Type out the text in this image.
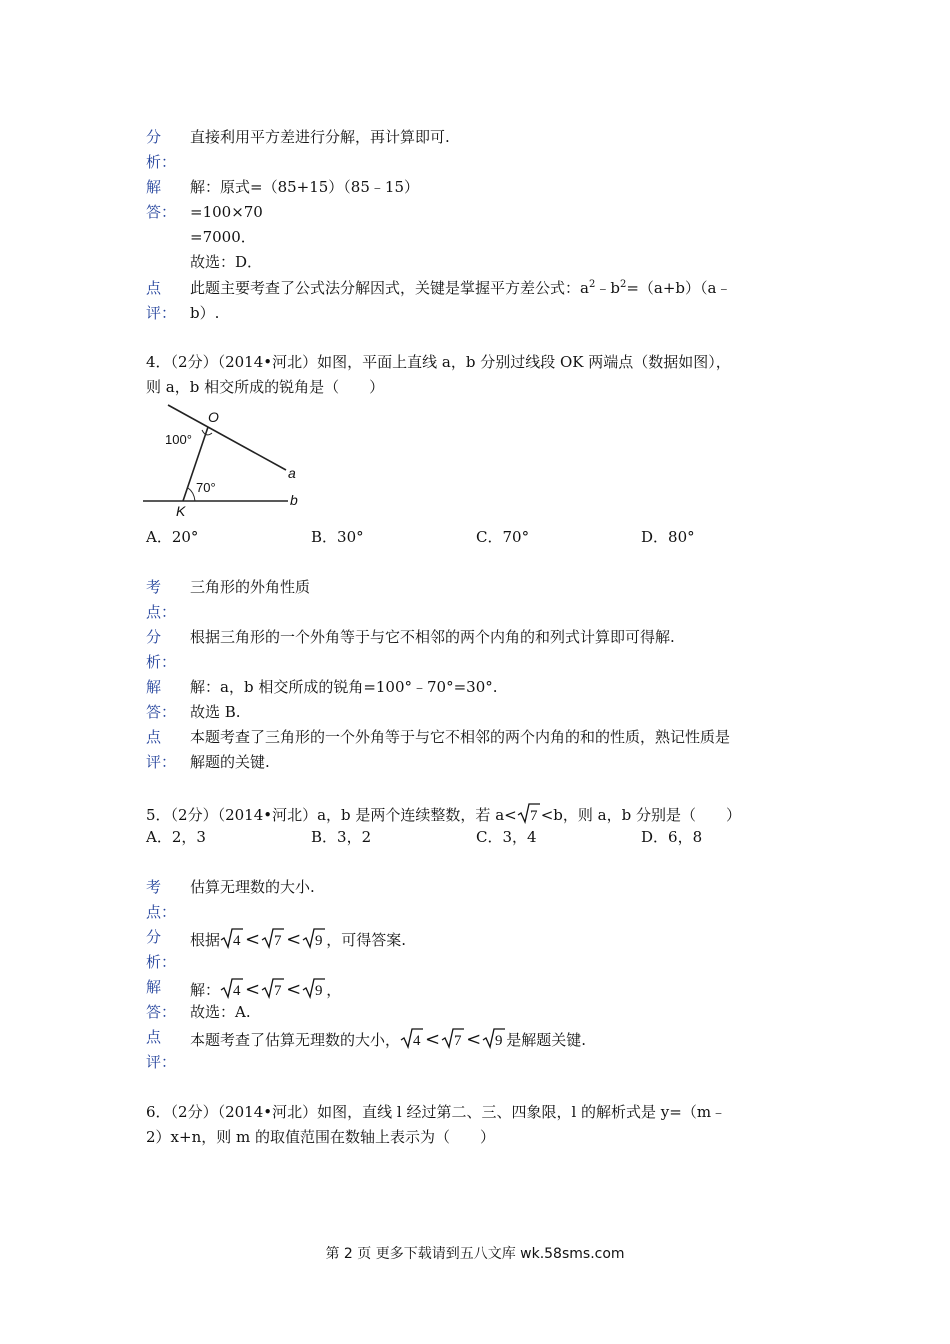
分
析：
直接利用平方差进行分解，再计算即可.
解
答：
解：原式=（85+15）（85﹣15）
=100×70
=7000．
故选：D．
点
评：
此题主要考查了公式法分解因式，关键是掌握平方差公式：$a^2﹣b^2=(a+b)(a﹣$
b）.
4．（2分）（2014•河北）如图，平面上直线 a，b 分别过线段 OK 两端点（数据如图），
则 a，b 相交所成的锐角是（　　）
O
100°
70°
a
b
K
A．20°	B．30°	C．70°	D．80°
考
点：
三角形的外角性质
分
析：
根据三角形的一个外角等于与它不相邻的两个内角的和列式计算即可得解.
解
答：
解：a，b 相交所成的锐角=100°﹣70°=30°.
故选 B.
点
评：
本题考查了三角形的一个外角等于与它不相邻的两个内角的和的性质，熟记性质是
解题的关键.
5．（2分）（2014•河北）a，b 是两个连续整数，若 a< 7 <b，则 a，b 分别是（　　）
A．2，3	B．3，2	C．3，4	D．6，8
考
点：
估算无理数的大小.
分
析：
根据 4 < 7 < 9 ，可得答案.
解
答：
解： 4 < 7 < 9 ，
故选：A.
点
评：
本题考查了估算无理数的大小， 4 < 7 < 9 是解题关键.
6．（2分）（2014•河北）如图，直线 l 经过第二、三、四象限，l 的解析式是 y=（m﹣
2）x+n，则 m 的取值范围在数轴上表示为（　　）
第 2 页 更多下载请到五八文库 wk.58sms.com
